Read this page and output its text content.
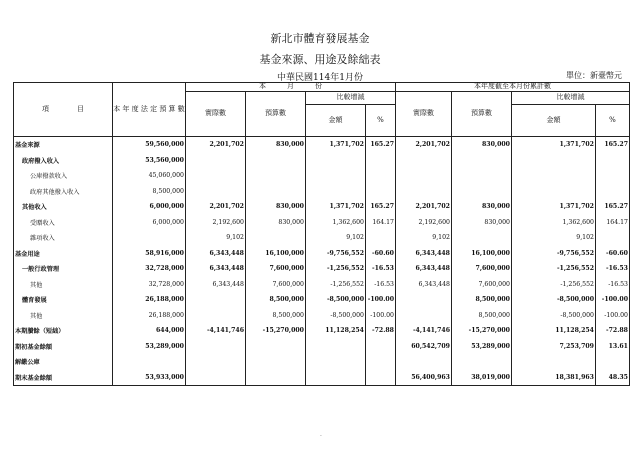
新北市體育發展基金
基金來源、用途及餘絀表
中華民國114年1月份	單位：新臺幣元
項　　　　目	本 年 度 法 定 預 算 數	本　　　月　　　份				本年度截至本月份累計數			
		實際數	預算數	比較增減		實際數	預算數	比較增減	
				金額	%			金額	%
基金來源	59,560,000	2,201,702	830,000	1,371,702	165.27	2,201,702	830,000	1,371,702	165.27
政府撥入收入	53,560,000								
公庫撥款收入	45,060,000								
政府其他撥入收入	8,500,000								
其他收入	6,000,000	2,201,702	830,000	1,371,702	165.27	2,201,702	830,000	1,371,702	165.27
受贈收入	6,000,000	2,192,600	830,000	1,362,600	164.17	2,192,600	830,000	1,362,600	164.17
雜項收入		9,102		9,102		9,102		9,102	
基金用途	58,916,000	6,343,448	16,100,000	-9,756,552	-60.60	6,343,448	16,100,000	-9,756,552	-60.60
一般行政管理	32,728,000	6,343,448	7,600,000	-1,256,552	-16.53	6,343,448	7,600,000	-1,256,552	-16.53
其他	32,728,000	6,343,448	7,600,000	-1,256,552	-16.53	6,343,448	7,600,000	-1,256,552	-16.53
體育發展	26,188,000		8,500,000	-8,500,000	-100.00		8,500,000	-8,500,000	-100.00
其他	26,188,000		8,500,000	-8,500,000	-100.00		8,500,000	-8,500,000	-100.00
本期賸餘（短絀）	644,000	-4,141,746	-15,270,000	11,128,254	-72.88	-4,141,746	-15,270,000	11,128,254	-72.88
期初基金餘額	53,289,000					60,542,709	53,289,000	7,253,709	13.61
解繳公庫									
期末基金餘額	53,933,000					56,400,963	38,019,000	18,381,963	48.35
·
